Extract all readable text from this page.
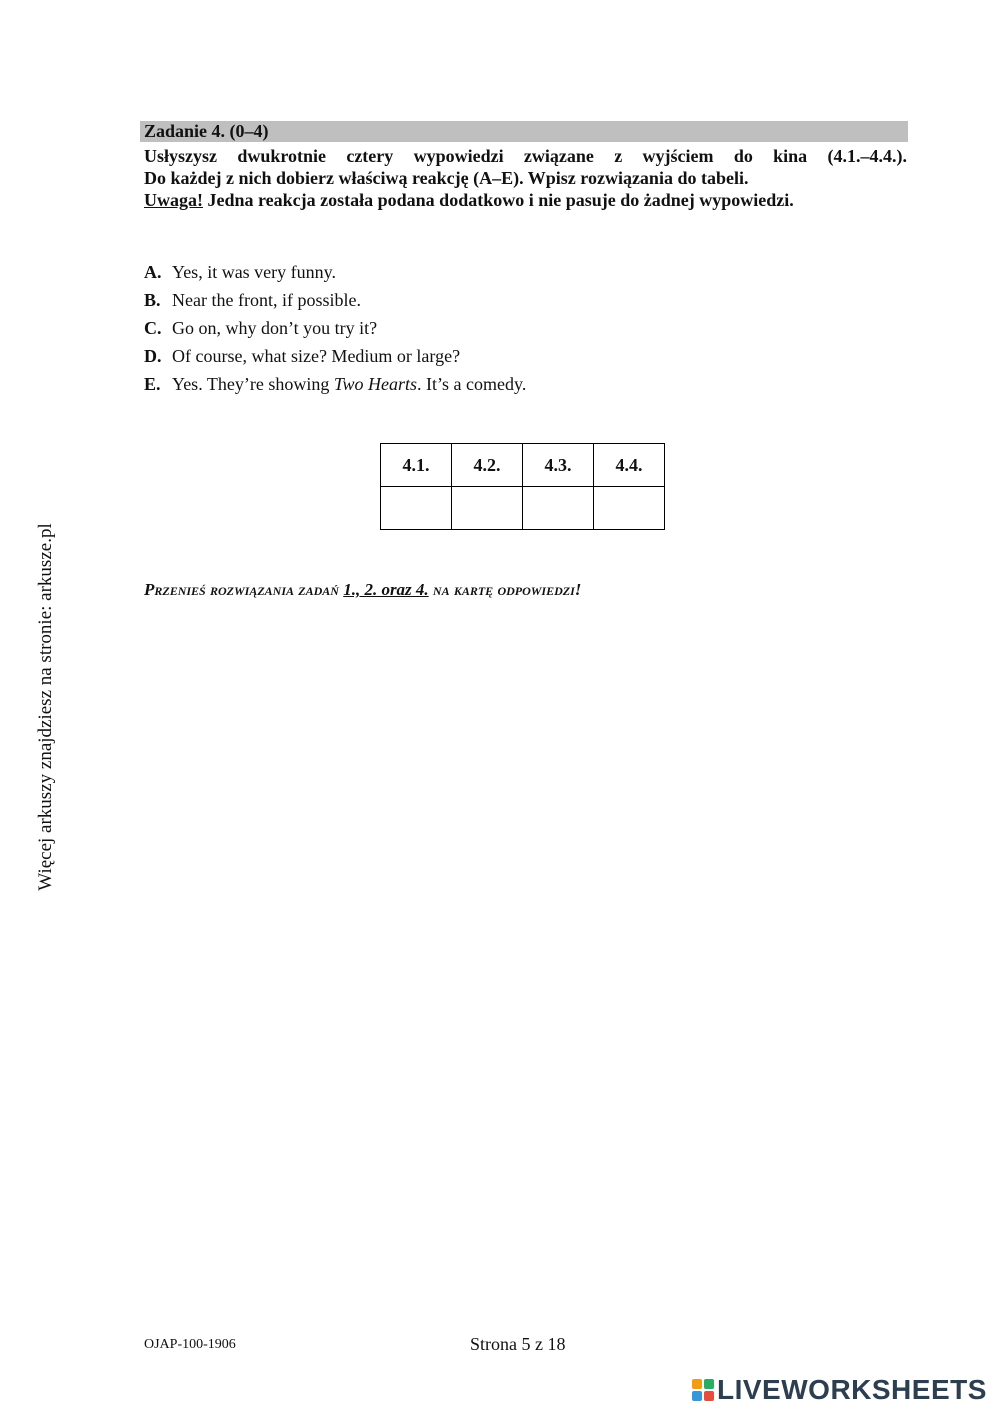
Więcej arkuszy znajdziesz na stronie: arkusze.pl
Zadanie 4. (0–4)
Usłyszysz dwukrotnie cztery wypowiedzi związane z wyjściem do kina (4.1.–4.4.).
Do każdej z nich dobierz właściwą reakcję (A–E). Wpisz rozwiązania do tabeli.
Uwaga! Jedna reakcja została podana dodatkowo i nie pasuje do żadnej wypowiedzi.
A. Yes, it was very funny.
B. Near the front, if possible.
C. Go on, why don’t you try it?
D. Of course, what size? Medium or large?
E. Yes. They’re showing Two Hearts. It’s a comedy.
4.1.	4.2.	4.3.	4.4.

Przenieś rozwiązania zadań 1., 2. oraz 4. na kartę odpowiedzi!
OJAP-100-1906	Strona 5 z 18
LIVEWORKSHEETS
